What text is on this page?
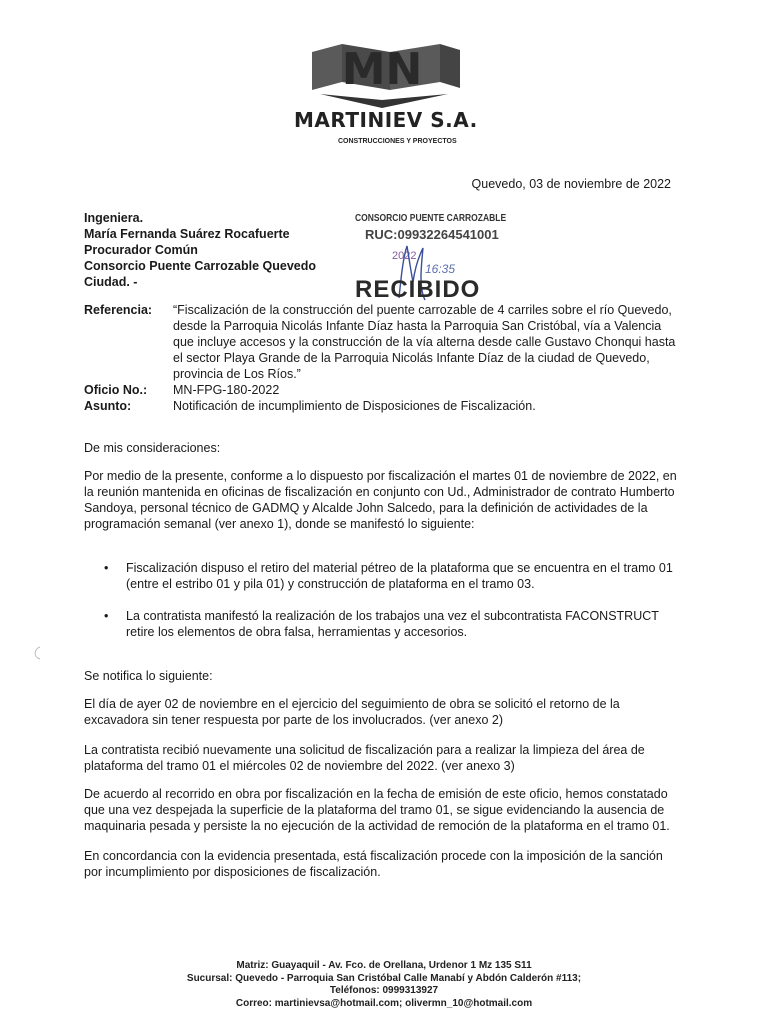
MN
MARTINIEV S.A.
CONSTRUCCIONES Y PROYECTOS
Quevedo, 03 de noviembre de 2022
Ingeniera.
María Fernanda Suárez Rocafuerte
Procurador Común
Consorcio Puente Carrozable Quevedo
Ciudad. -
CONSORCIO PUENTE CARROZABLE
RUC:09932264541001
2022
16:35
RECIBIDO
Referencia:	“Fiscalización de la construcción del puente carrozable de 4 carriles sobre el río Quevedo, desde la Parroquia Nicolás Infante Díaz hasta la Parroquia San Cristóbal, vía a Valencia que incluye accesos y la construcción de la vía alterna desde calle Gustavo Chonqui hasta el sector Playa Grande de la Parroquia Nicolás Infante Díaz de la ciudad de Quevedo, provincia de Los Ríos.”
Oficio No.:	MN-FPG-180-2022
Asunto:	Notificación de incumplimiento de Disposiciones de Fiscalización.
De mis consideraciones:
Por medio de la presente, conforme a lo dispuesto por fiscalización el martes 01 de noviembre de 2022, en la reunión mantenida en oficinas de fiscalización en conjunto con Ud., Administrador de contrato Humberto Sandoya, personal técnico de GADMQ y Alcalde John Salcedo, para la definición de actividades de la programación semanal (ver anexo 1), donde se manifestó lo siguiente:
•	Fiscalización dispuso el retiro del material pétreo de la plataforma que se encuentra en el tramo 01 (entre el estribo 01 y pila 01) y construcción de plataforma en el tramo 03.
•	La contratista manifestó la realización de los trabajos una vez el subcontratista FACONSTRUCT retire los elementos de obra falsa, herramientas y accesorios.
Se notifica lo siguiente:
El día de ayer 02 de noviembre en el ejercicio del seguimiento de obra se solicitó el retorno de la excavadora sin tener respuesta por parte de los involucrados. (ver anexo 2)
La contratista recibió nuevamente una solicitud de fiscalización para a realizar la limpieza del área de plataforma del tramo 01 el miércoles 02 de noviembre del 2022. (ver anexo 3)
De acuerdo al recorrido en obra por fiscalización en la fecha de emisión de este oficio, hemos constatado que una vez despejada la superficie de la plataforma del tramo 01, se sigue evidenciando la ausencia de maquinaria pesada y persiste la no ejecución de la actividad de remoción de la plataforma en el tramo 01.
En concordancia con la evidencia presentada, está fiscalización procede con la imposición de la sanción por incumplimiento por disposiciones de fiscalización.
Matriz: Guayaquil - Av. Fco. de Orellana, Urdenor 1 Mz 135 S11
Sucursal: Quevedo - Parroquia San Cristóbal Calle Manabí y Abdón Calderón #113;
Teléfonos: 0999313927
Correo: martinievsa@hotmail.com; olivermn_10@hotmail.com
